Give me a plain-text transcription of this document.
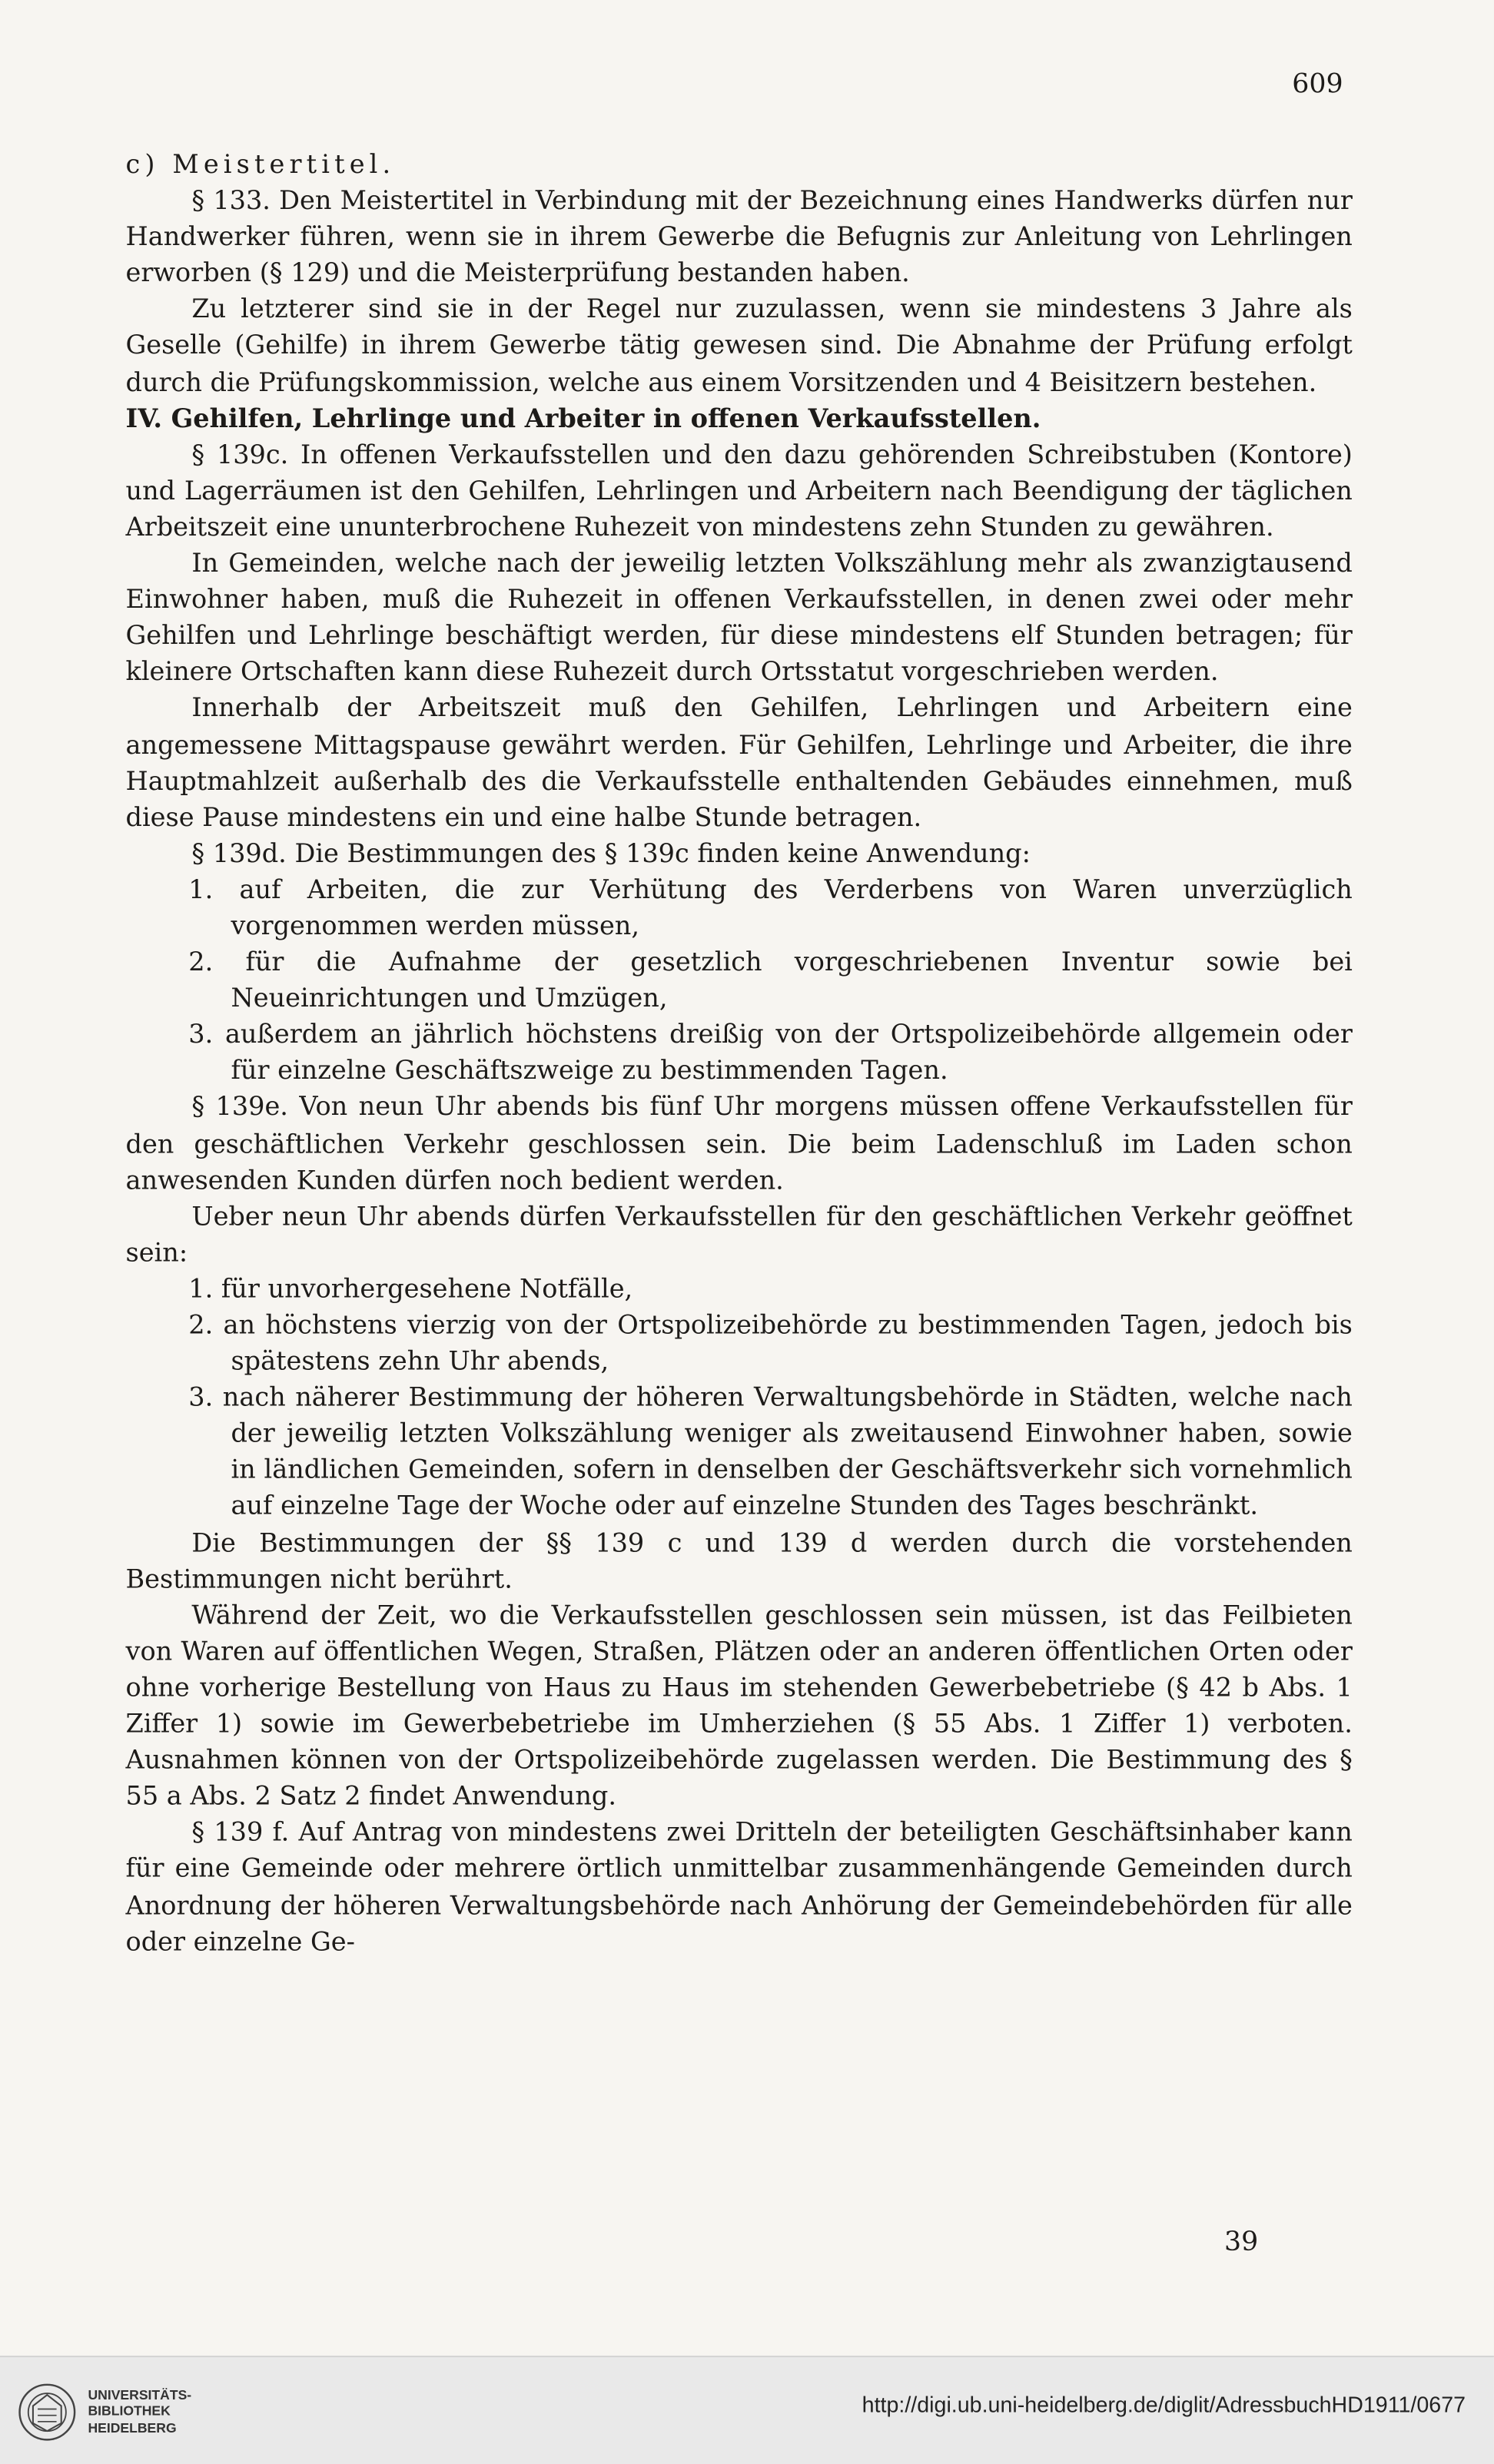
609

c) Meistertitel.

§ 133. Den Meistertitel in Verbindung mit der Bezeichnung eines Handwerks dürfen nur Handwerker führen, wenn sie in ihrem Gewerbe die Befugnis zur Anleitung von Lehrlingen erworben (§ 129) und die Meisterprüfung bestanden haben.

Zu letzterer sind sie in der Regel nur zuzulassen, wenn sie mindestens 3 Jahre als Geselle (Gehilfe) in ihrem Gewerbe tätig gewesen sind. Die Abnahme der Prüfung erfolgt durch die Prüfungskommission, welche aus einem Vorsitzenden und 4 Beisitzern bestehen.

IV. Gehilfen, Lehrlinge und Arbeiter in offenen Verkaufsstellen.

§ 139c. In offenen Verkaufsstellen und den dazu gehörenden Schreibstuben (Kontore) und Lagerräumen ist den Gehilfen, Lehrlingen und Arbeitern nach Beendigung der täglichen Arbeitszeit eine ununterbrochene Ruhezeit von mindestens zehn Stunden zu gewähren.

In Gemeinden, welche nach der jeweilig letzten Volkszählung mehr als zwanzigtausend Einwohner haben, muß die Ruhezeit in offenen Verkaufsstellen, in denen zwei oder mehr Gehilfen und Lehrlinge beschäftigt werden, für diese mindestens elf Stunden betragen; für kleinere Ortschaften kann diese Ruhezeit durch Ortsstatut vorgeschrieben werden.

Innerhalb der Arbeitszeit muß den Gehilfen, Lehrlingen und Arbeitern eine angemessene Mittagspause gewährt werden. Für Gehilfen, Lehrlinge und Arbeiter, die ihre Hauptmahlzeit außerhalb des die Verkaufsstelle enthaltenden Gebäudes einnehmen, muß diese Pause mindestens ein und eine halbe Stunde betragen.

§ 139d. Die Bestimmungen des § 139c finden keine Anwendung:

1. auf Arbeiten, die zur Verhütung des Verderbens von Waren unverzüglich vorgenommen werden müssen,

2. für die Aufnahme der gesetzlich vorgeschriebenen Inventur sowie bei Neueinrichtungen und Umzügen,

3. außerdem an jährlich höchstens dreißig von der Ortspolizeibehörde allgemein oder für einzelne Geschäftszweige zu bestimmenden Tagen.

§ 139e. Von neun Uhr abends bis fünf Uhr morgens müssen offene Verkaufsstellen für den geschäftlichen Verkehr geschlossen sein. Die beim Ladenschluß im Laden schon anwesenden Kunden dürfen noch bedient werden.

Ueber neun Uhr abends dürfen Verkaufsstellen für den geschäftlichen Verkehr geöffnet sein:

1. für unvorhergesehene Notfälle,

2. an höchstens vierzig von der Ortspolizeibehörde zu bestimmenden Tagen, jedoch bis spätestens zehn Uhr abends,

3. nach näherer Bestimmung der höheren Verwaltungsbehörde in Städten, welche nach der jeweilig letzten Volkszählung weniger als zweitausend Einwohner haben, sowie in ländlichen Gemeinden, sofern in denselben der Geschäftsverkehr sich vornehmlich auf einzelne Tage der Woche oder auf einzelne Stunden des Tages beschränkt.

Die Bestimmungen der §§ 139 c und 139 d werden durch die vorstehenden Bestimmungen nicht berührt.

Während der Zeit, wo die Verkaufsstellen geschlossen sein müssen, ist das Feilbieten von Waren auf öffentlichen Wegen, Straßen, Plätzen oder an anderen öffentlichen Orten oder ohne vorherige Bestellung von Haus zu Haus im stehenden Gewerbebetriebe (§ 42 b Abs. 1 Ziffer 1) sowie im Gewerbebetriebe im Umherziehen (§ 55 Abs. 1 Ziffer 1) verboten. Ausnahmen können von der Ortspolizeibehörde zugelassen werden. Die Bestimmung des § 55 a Abs. 2 Satz 2 findet Anwendung.

§ 139 f. Auf Antrag von mindestens zwei Dritteln der beteiligten Geschäftsinhaber kann für eine Gemeinde oder mehrere örtlich unmittelbar zusammenhängende Gemeinden durch Anordnung der höheren Verwaltungsbehörde nach Anhörung der Gemeindebehörden für alle oder einzelne Ge-

39
UNIVERSITÄTS-
BIBLIOTHEK
HEIDELBERG
http://digi.ub.uni-heidelberg.de/diglit/AdressbuchHD1911/0677
